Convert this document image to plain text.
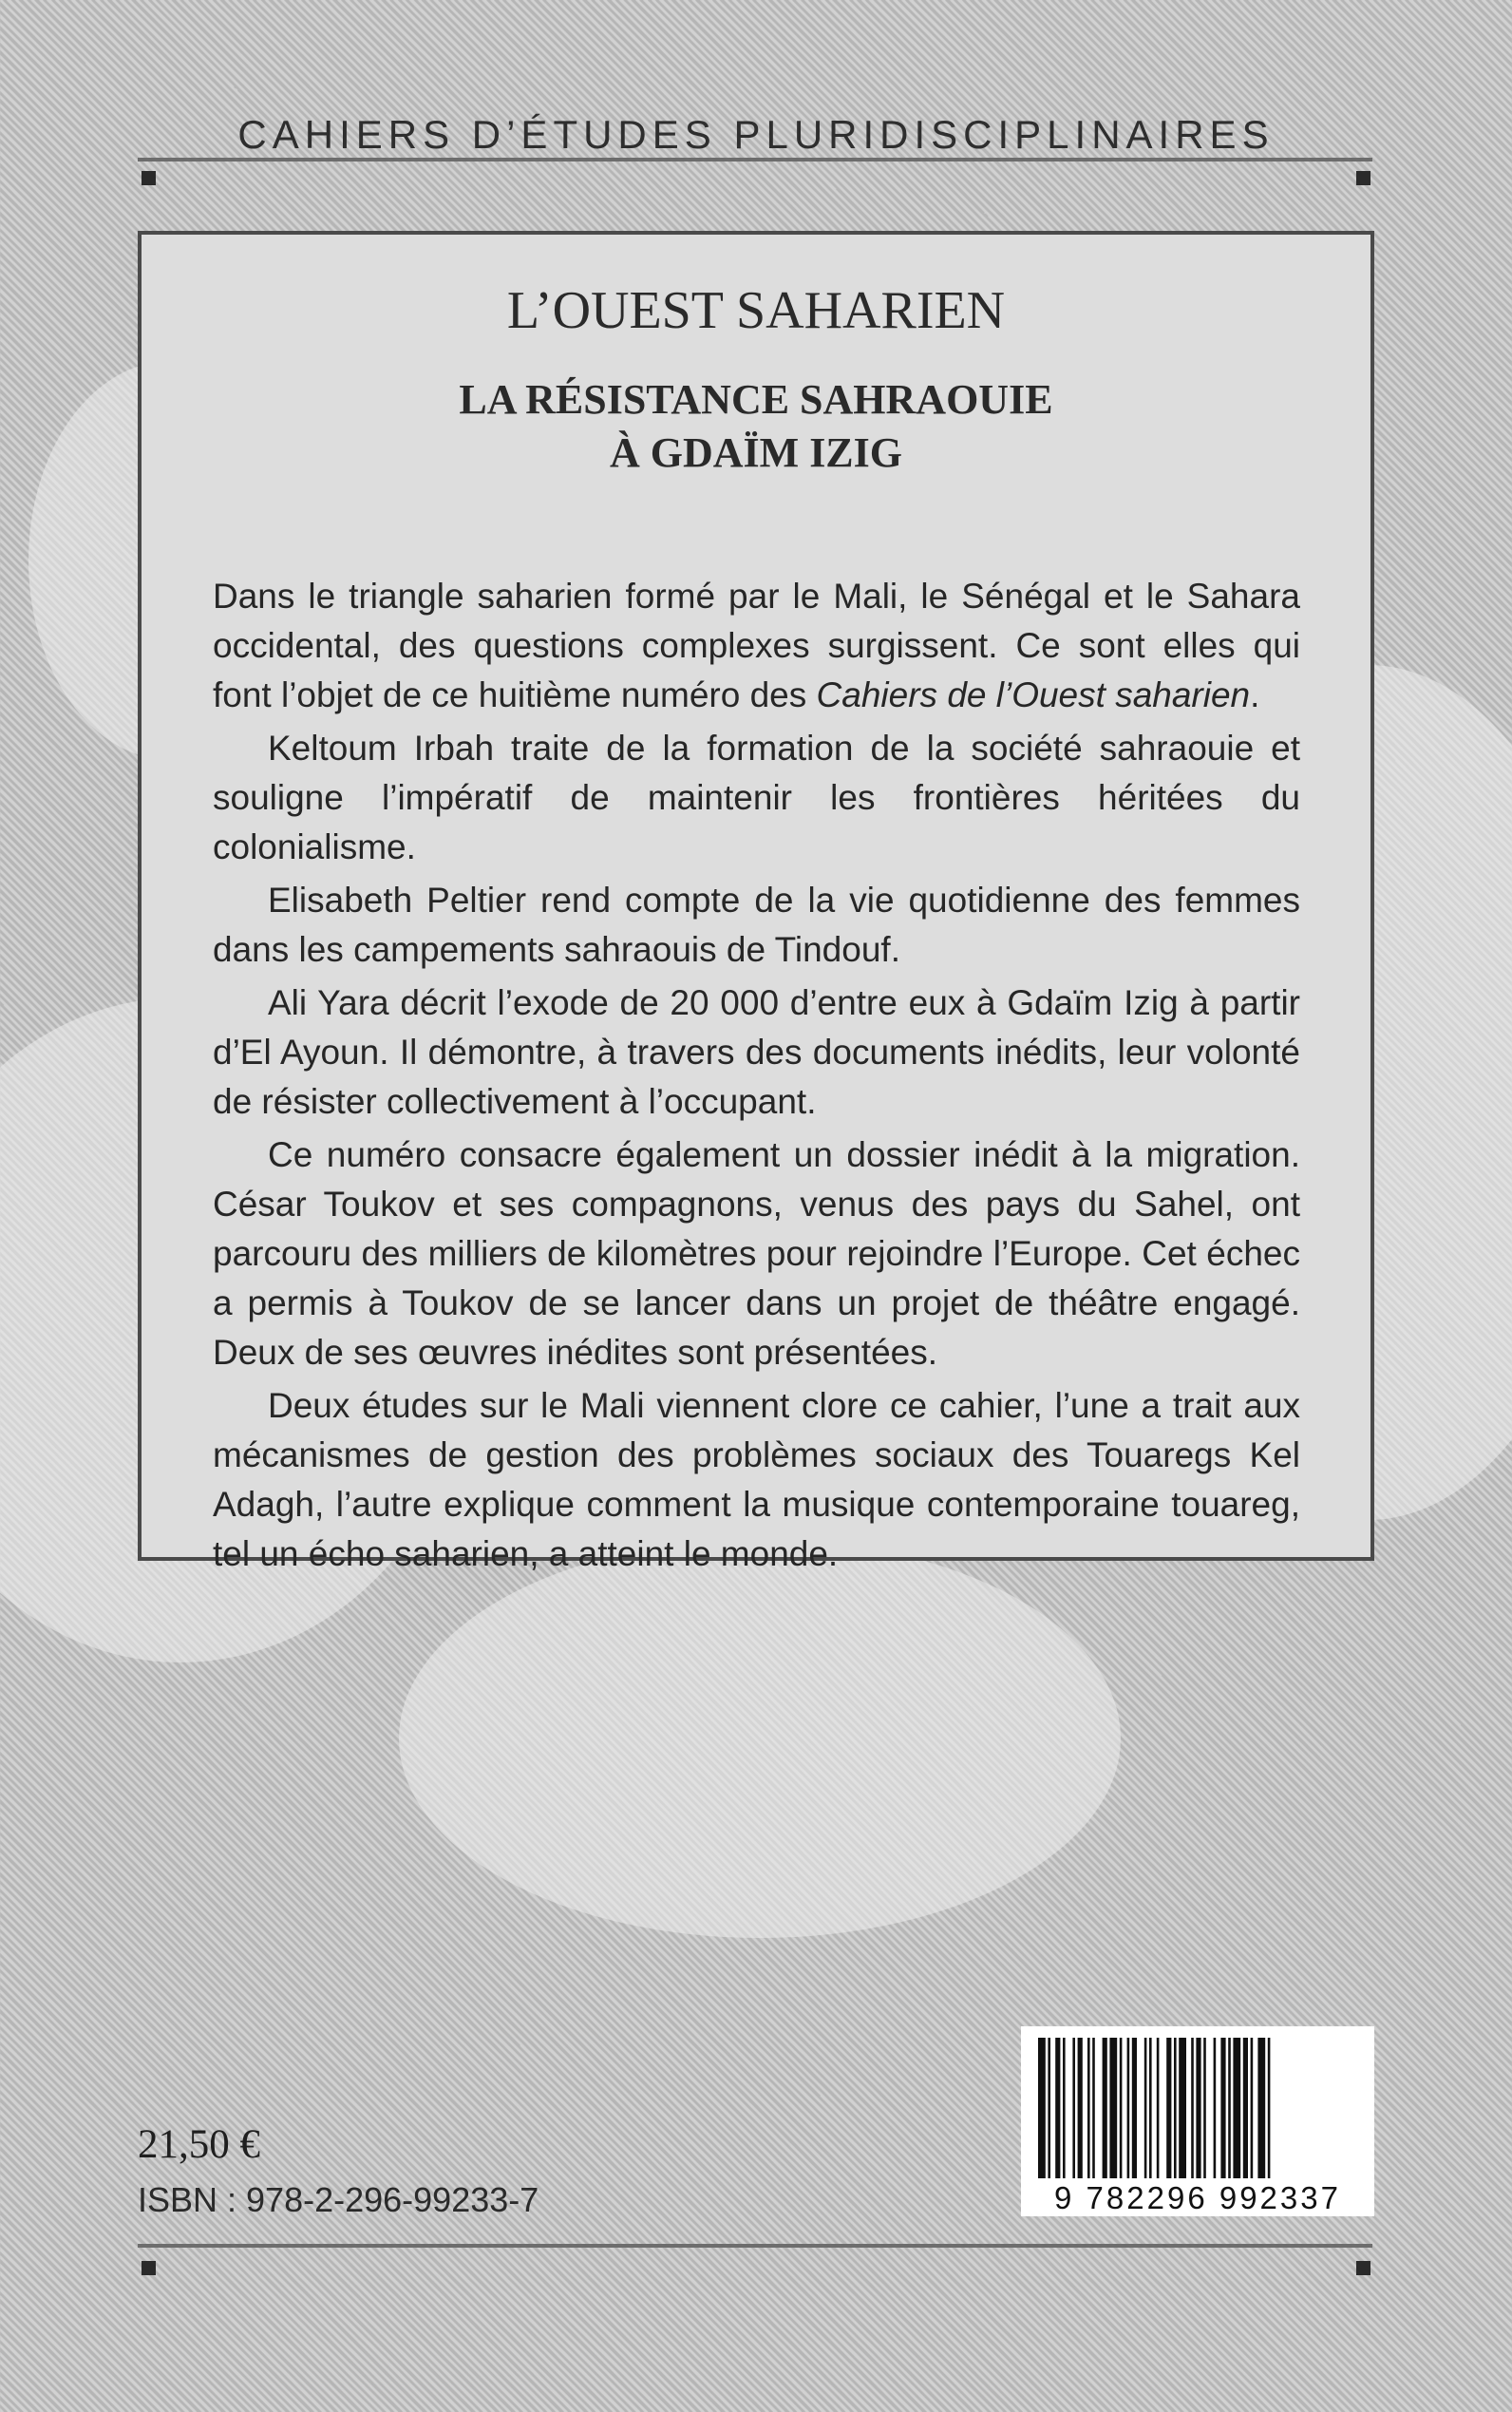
CAHIERS D’ÉTUDES PLURIDISCIPLINAIRES
L’OUEST SAHARIEN
LA RÉSISTANCE SAHRAOUIE
À GDAÏM IZIG

Dans le triangle saharien formé par le Mali, le Sénégal et le Sahara occidental, des questions complexes surgissent. Ce sont elles qui font l’objet de ce huitième numéro des Cahiers de l’Ouest saharien.

Keltoum Irbah traite de la formation de la société sahraouie et souligne l’impératif de maintenir les frontières héritées du colonialisme.

Elisabeth Peltier rend compte de la vie quotidienne des femmes dans les campements sahraouis de Tindouf.

Ali Yara décrit l’exode de 20 000 d’entre eux à Gdaïm Izig à partir d’El Ayoun. Il démontre, à travers des documents inédits, leur volonté de résister collectivement à l’occupant.

Ce numéro consacre également un dossier inédit à la migration. César Toukov et ses compagnons, venus des pays du Sahel, ont parcouru des milliers de kilomètres pour rejoindre l’Europe. Cet échec a permis à Toukov de se lancer dans un projet de théâtre engagé. Deux de ses œuvres inédites sont présentées.

Deux études sur le Mali viennent clore ce cahier, l’une a trait aux mécanismes de gestion des problèmes sociaux des Touaregs Kel Adagh, l’autre explique comment la musique contemporaine touareg, tel un écho saharien, a atteint le monde.

21,50 €
ISBN : 978-2-296-99233-7	9 782296 992337
